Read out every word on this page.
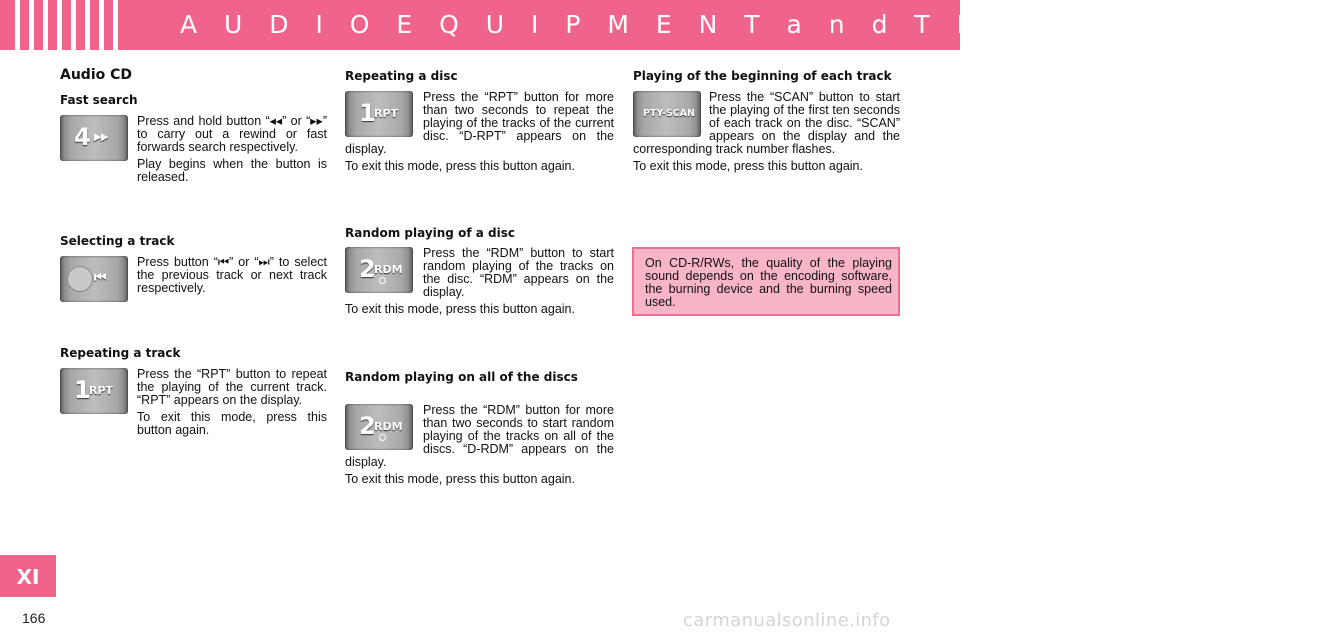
A U D I O E Q U I P M E N T a n d T E L E M A T I C S
Audio CD
Fast search
4 ▸▸

Press and hold button “◂◂” or “▸▸” to carry out a rewind or fast forwards search respectively.

Play begins when the button is released.

Selecting a track
⏮

Press button “⏮” or “⏭” to select the previous track or next track respectively.

Repeating a track
1
RPT

Press the “RPT” button to repeat the playing of the current track. “RPT” appears on the display.

To exit this mode, press this button again.

Repeating a disc
1
RPT

Press the “RPT” button for more than two seconds to repeat the playing of the tracks of the current disc. “D-RPT” appears on the display.

To exit this mode, press this button again.

Random playing of a disc
2
RDM

Press the “RDM” button to start random playing of the tracks on the disc. “RDM” appears on the display.

To exit this mode, press this button again.

Random playing on all of the discs
2
RDM

Press the “RDM” button for more than two seconds to start random playing of the tracks on all of the discs. “D-RDM” appears on the display.

To exit this mode, press this button again.

Playing of the beginning of each track
PTY-SCAN

Press the “SCAN” button to start the playing of the first ten seconds of each track on the disc. “SCAN” appears on the display and the corresponding track number flashes.

To exit this mode, press this button again.

On CD-R/RWs, the quality of the playing sound depends on the encoding software, the burning device and the burning speed used.

XI
166	carmanualsonline.info
